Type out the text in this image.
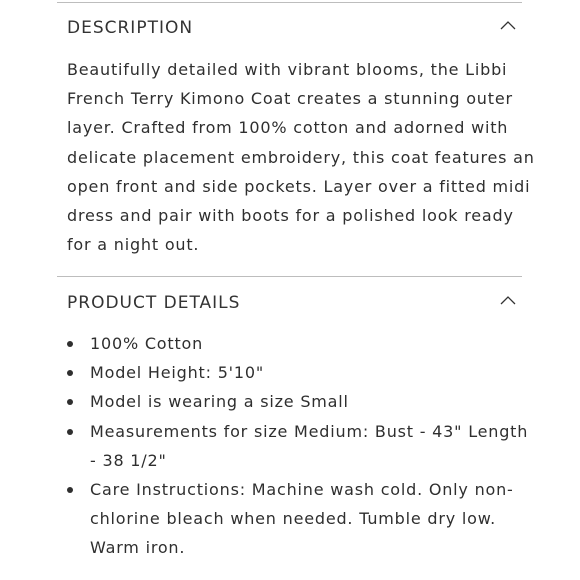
DESCRIPTION

Beautifully detailed with vibrant blooms, the Libbi French Terry Kimono Coat creates a stunning outer layer. Crafted from 100% cotton and adorned with delicate placement embroidery, this coat features an open front and side pockets. Layer over a fitted midi dress and pair with boots for a polished look ready for a night out.

PRODUCT DETAILS
100% Cotton
Model Height: 5'10"
Model is wearing a size Small
Measurements for size Medium: Bust - 43" Length - 38 1/2"
Care Instructions: Machine wash cold. Only non-chlorine bleach when needed. Tumble dry low. Warm iron.
